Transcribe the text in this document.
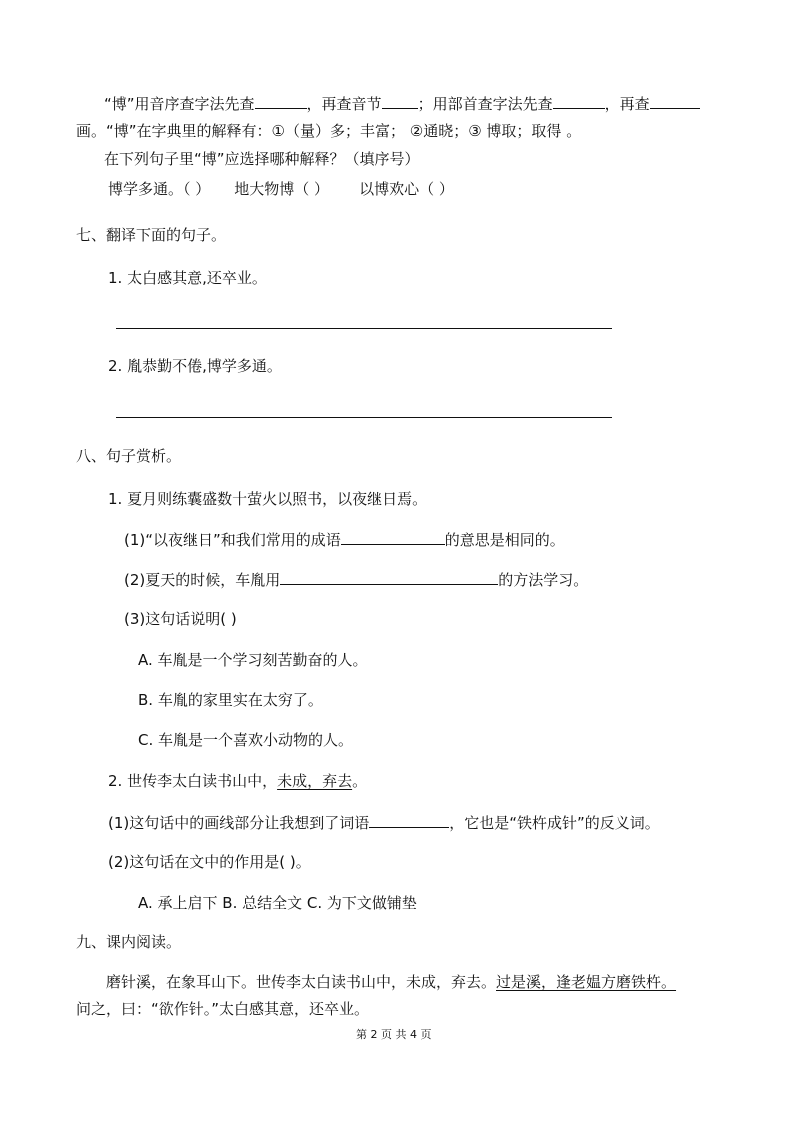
“博”用音序查字法先查	，再查音节 ；用部首查字法先查	，再查
画。“博”在字典里的解释有：①（量）多；丰富； ②通晓；③ 博取；取得 。
在下列句子里“博”应选择哪种解释？（填序号）
博学多通。（ ） 地大物博（ ） 以博欢心（ ）
七、翻译下面的句子。
1. 太白感其意,还卒业。
2. 胤恭勤不倦,博学多通。
八、句子赏析。
1. 夏月则练囊盛数十萤火以照书，以夜继日焉。
(1)“以夜继日”和我们常用的成语	的意思是相同的。
(2)夏天的时候，车胤用	的方法学习。
(3)这句话说明( )
A. 车胤是一个学习刻苦勤奋的人。
B. 车胤的家里实在太穷了。
C. 车胤是一个喜欢小动物的人。
2. 世传李太白读书山中，未成，弃去。
(1)这句话中的画线部分让我想到了词语	，它也是“铁杵成针”的反义词。
(2)这句话在文中的作用是( )。
A. 承上启下 B. 总结全文 C. 为下文做铺垫
九、课内阅读。
磨针溪，在象耳山下。世传李太白读书山中，未成，弃去。过是溪，逢老媪方磨铁杵。
问之，曰：“欲作针。”太白感其意，还卒业。
第 2 页 共 4 页
